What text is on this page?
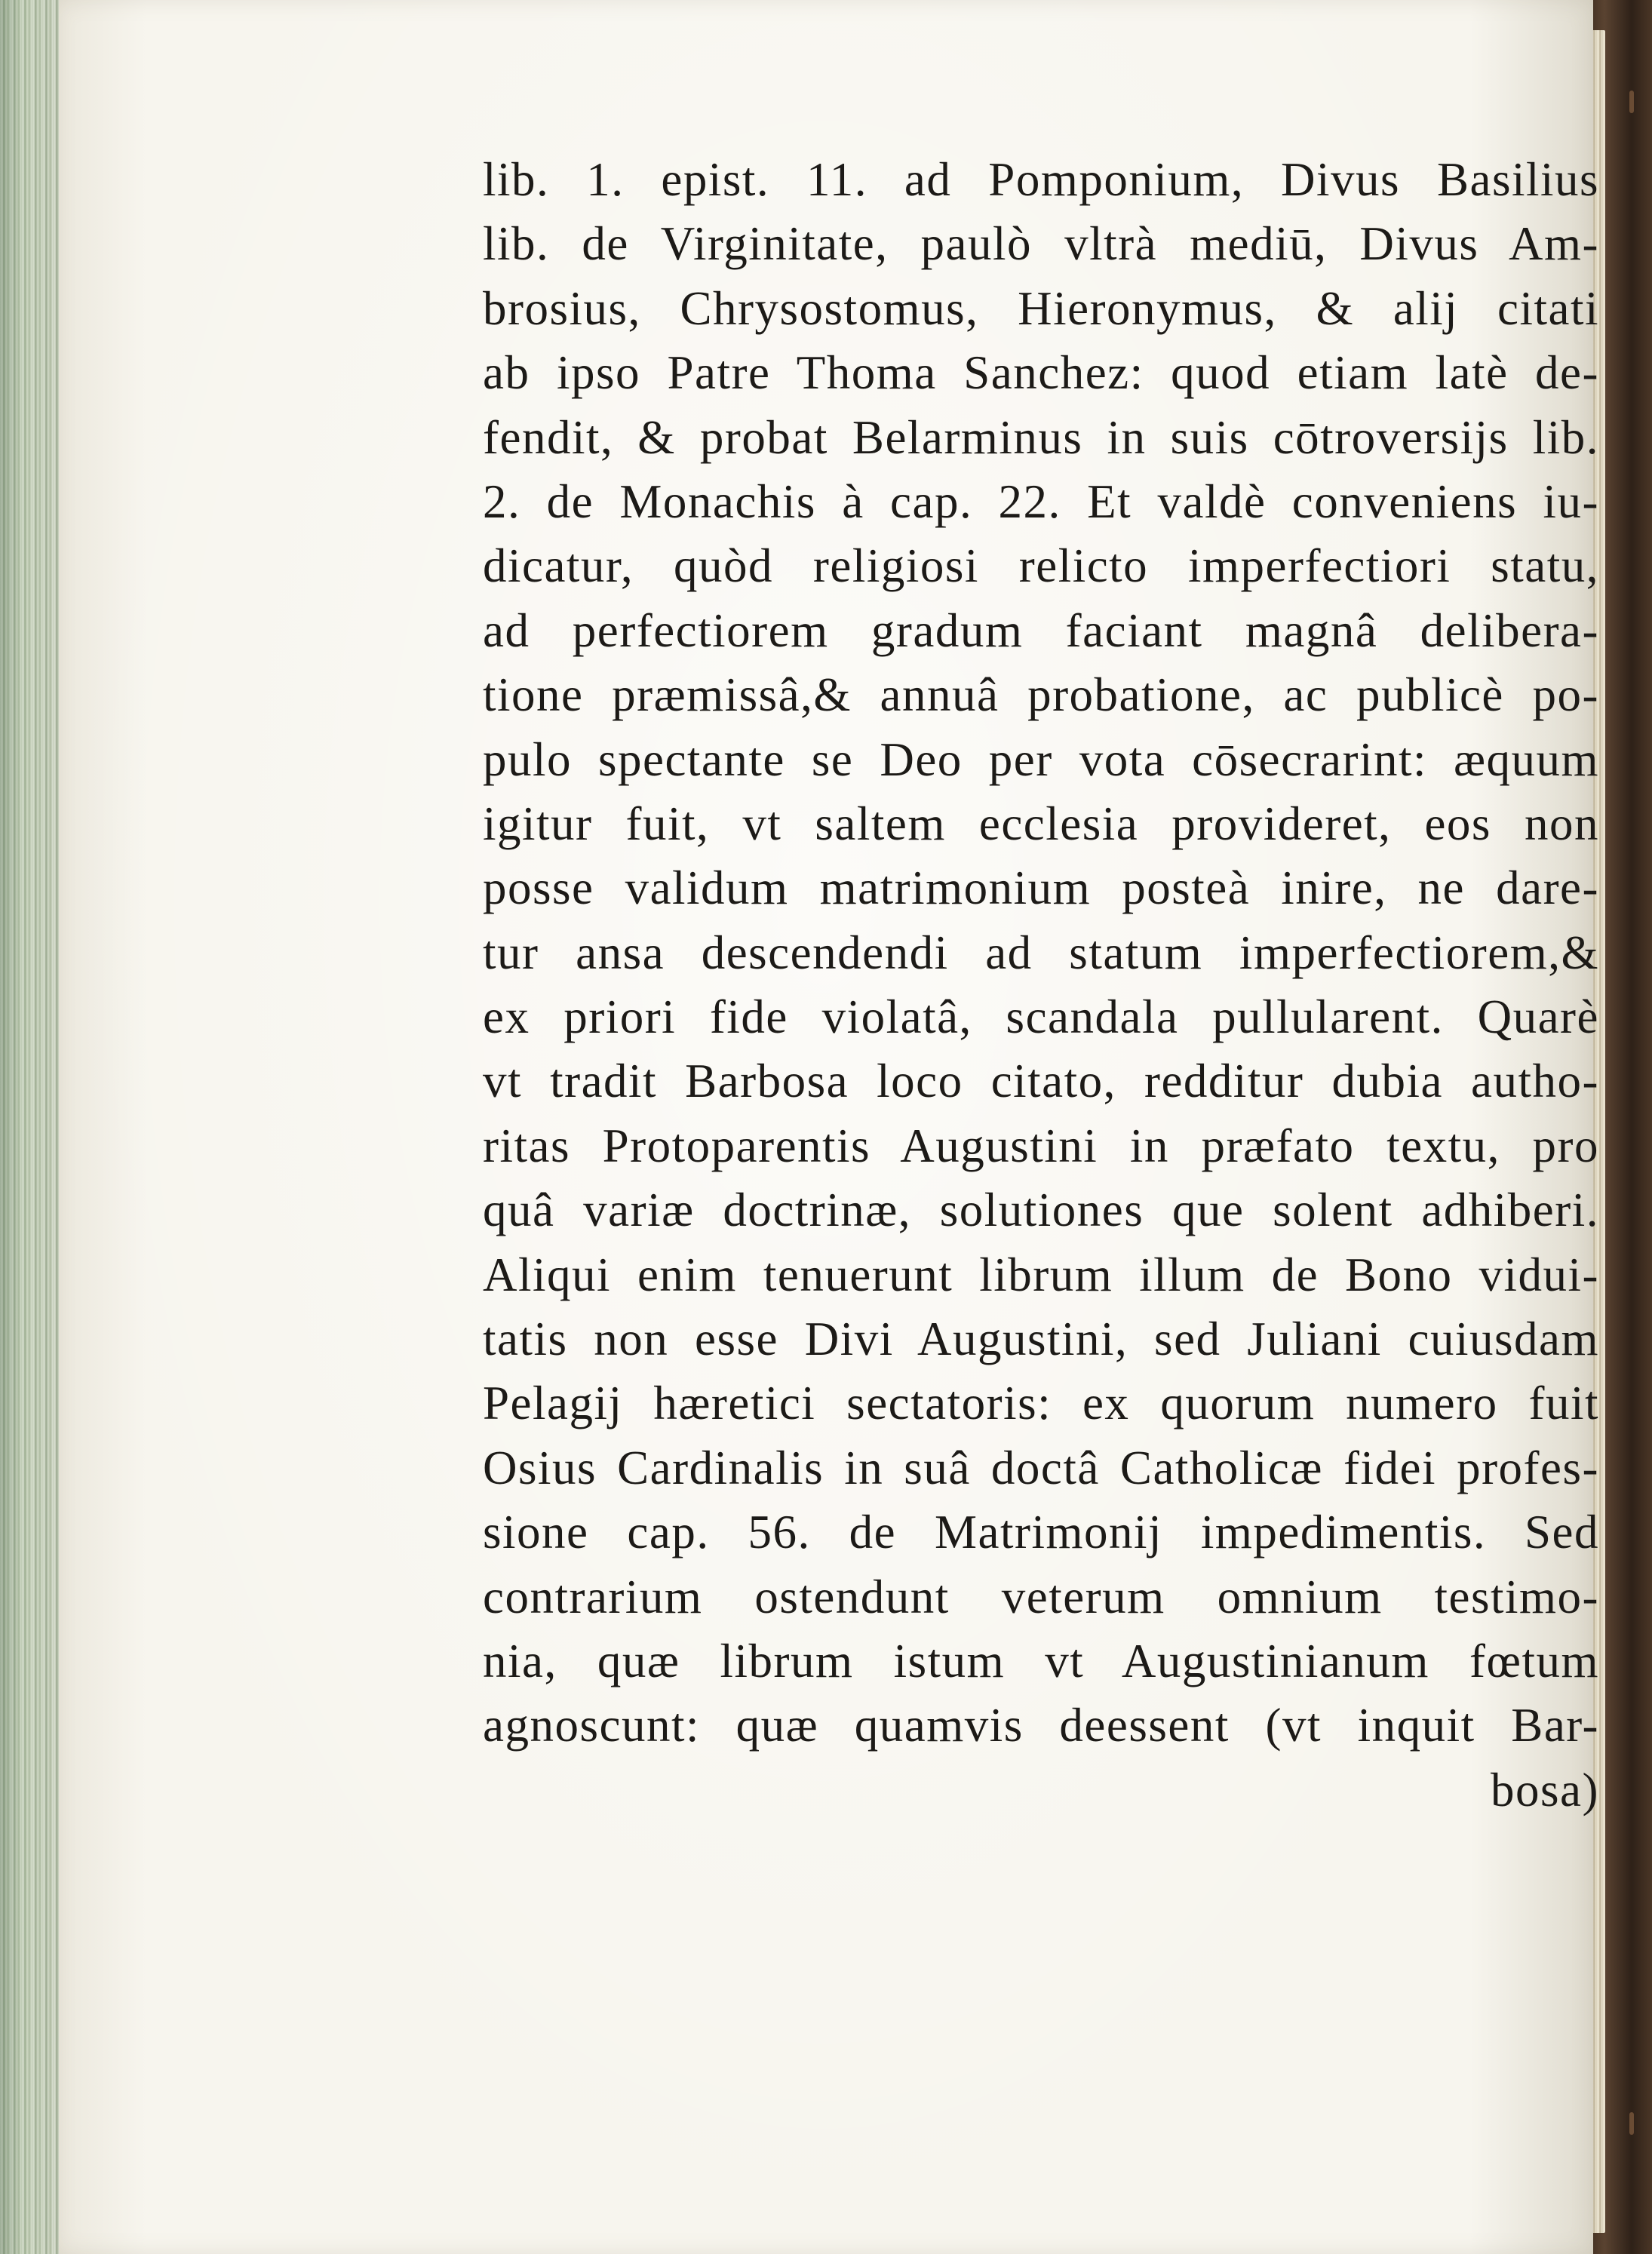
lib. 1. epist. 11. ad Pomponium, Divus Basilius
lib. de Virginitate, paulò vltrà mediū, Divus Am-
brosius, Chrysostomus, Hieronymus, & alij citati
ab ipso Patre Thoma Sanchez: quod etiam latè de-
fendit, & probat Belarminus in suis cōtroversijs lib.
2. de Monachis à cap. 22. Et valdè conveniens iu-
dicatur, quòd religiosi relicto imperfectiori statu,
ad perfectiorem gradum faciant magnâ delibera-
tione præmissâ,& annuâ probatione, ac publicè po-
pulo spectante se Deo per vota cōsecrarint: æquum
igitur fuit, vt saltem ecclesia provideret, eos non
posse validum matrimonium posteà inire, ne dare-
tur ansa descendendi ad statum imperfectiorem,&
ex priori fide violatâ, scandala pullularent. Quarè
vt tradit Barbosa loco citato, redditur dubia autho-
ritas Protoparentis Augustini in præfato textu, pro
quâ variæ doctrinæ, solutiones que solent adhiberi.
Aliqui enim tenuerunt librum illum de Bono vidui-
tatis non esse Divi Augustini, sed Juliani cuiusdam
Pelagij hæretici sectatoris: ex quorum numero fuit
Osius Cardinalis in suâ doctâ Catholicæ fidei profes-
sione cap. 56. de Matrimonij impedimentis. Sed
contrarium ostendunt veterum omnium testimo-
nia, quæ librum istum vt Augustinianum fœtum
agnoscunt: quæ quamvis deessent (vt inquit Bar-
bosa)
